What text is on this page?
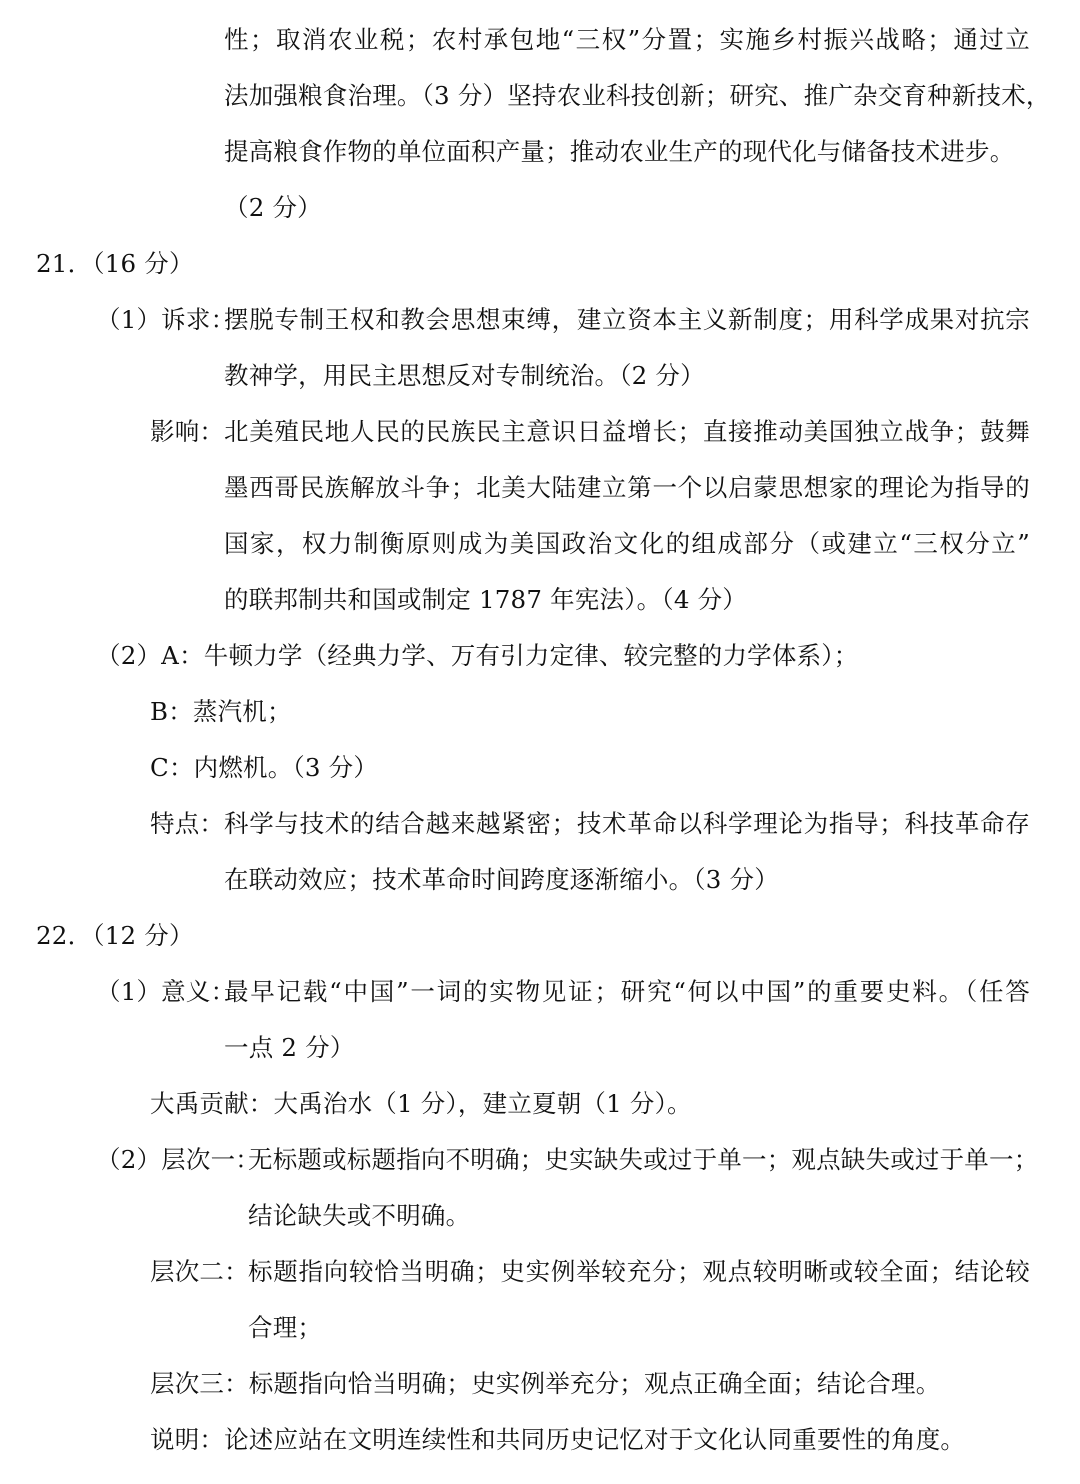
性；取消农业税；农村承包地“三权”分置；实施乡村振兴战略；通过立
法加强粮食治理。（3 分）坚持农业科技创新；研究、推广杂交育种新技术，
提高粮食作物的单位面积产量；推动农业生产的现代化与储备技术进步。
（2 分）
21．（16 分）
（1）诉求：
摆脱专制王权和教会思想束缚，建立资本主义新制度；用科学成果对抗宗
教神学，用民主思想反对专制统治。（2 分）
影响： 北美殖民地人民的民族民主意识日益增长；直接推动美国独立战争；鼓舞
墨西哥民族解放斗争；北美大陆建立第一个以启蒙思想家的理论为指导的
国家，权力制衡原则成为美国政治文化的组成部分（或建立“三权分立”
的联邦制共和国或制定 1787 年宪法）。（4 分）
（2）A：牛顿力学（经典力学、万有引力定律、较完整的力学体系）；
B：蒸汽机；
C：内燃机。（3 分）
特点： 科学与技术的结合越来越紧密；技术革命以科学理论为指导；科技革命存
在联动效应；技术革命时间跨度逐渐缩小。（3 分）
22．（12 分）
（1）意义：
最早记载“中国”一词的实物见证；研究“何以中国”的重要史料。（任答
一点 2 分）
大禹贡献：大禹治水（1 分），建立夏朝（1 分）。
（2）层次一：
无标题或标题指向不明确；史实缺失或过于单一；观点缺失或过于单一；
结论缺失或不明确。
层次二： 标题指向较恰当明确；史实例举较充分；观点较明晰或较全面；结论较
合理；
层次三：标题指向恰当明确；史实例举充分；观点正确全面；结论合理。
说明：论述应站在文明连续性和共同历史记忆对于文化认同重要性的角度。
